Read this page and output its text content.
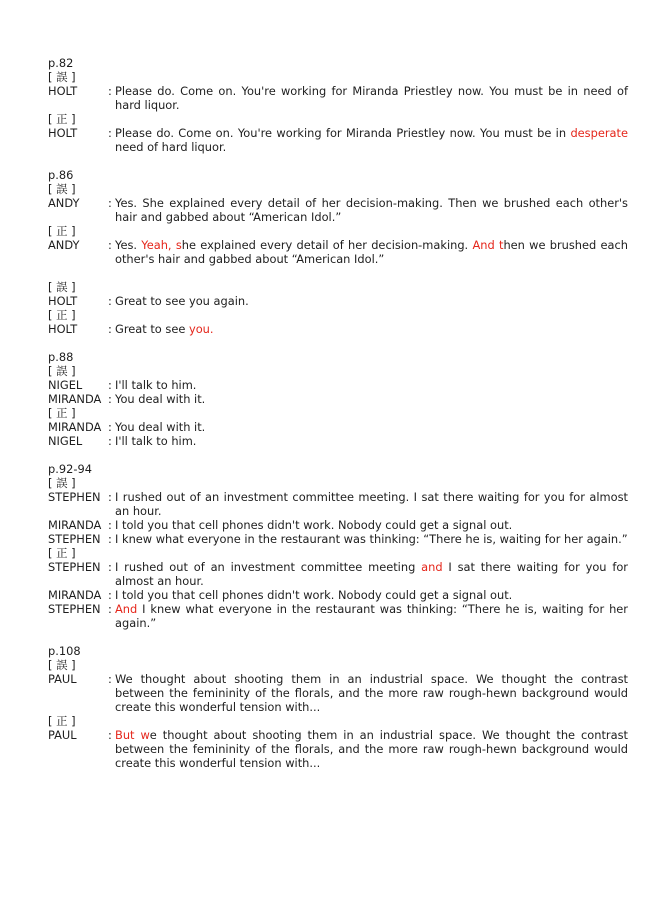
p.82
[ 誤 ]
HOLT	: Please do. Come on. You're working for Miranda Priestley now. You must be in need of hard liquor.
[ 正 ]
HOLT	: Please do. Come on. You're working for Miranda Priestley now. You must be in desperate need of hard liquor.
p.86
[ 誤 ]
ANDY	: Yes. She explained every detail of her decision-making. Then we brushed each other's hair and gabbed about “American Idol.”
[ 正 ]
ANDY	: Yes. Yeah, she explained every detail of her decision-making. And then we brushed each other's hair and gabbed about “American Idol.”
[ 誤 ]
HOLT	: Great to see you again.
[ 正 ]
HOLT	: Great to see you.
p.88
[ 誤 ]
NIGEL : I'll talk to him.
MIRANDA : You deal with it.
[ 正 ]
MIRANDA : You deal with it.
NIGEL : I'll talk to him.
p.92-94
[ 誤 ]
STEPHEN : I rushed out of an investment committee meeting. I sat there waiting for you for almost an hour.
MIRANDA : I told you that cell phones didn't work. Nobody could get a signal out.
STEPHEN : I knew what everyone in the restaurant was thinking: “There he is, waiting for her again.”
[ 正 ]
STEPHEN : I rushed out of an investment committee meeting and I sat there waiting for you for almost an hour.
MIRANDA : I told you that cell phones didn't work. Nobody could get a signal out.
STEPHEN : And I knew what everyone in the restaurant was thinking: “There he is, waiting for her again.”
p.108
[ 誤 ]
PAUL	: We thought about shooting them in an industrial space. We thought the contrast between the femininity of the florals, and the more raw rough-hewn background would create this wonderful tension with...
[ 正 ]
PAUL	: But we thought about shooting them in an industrial space. We thought the contrast between the femininity of the florals, and the more raw rough-hewn background would create this wonderful tension with...
